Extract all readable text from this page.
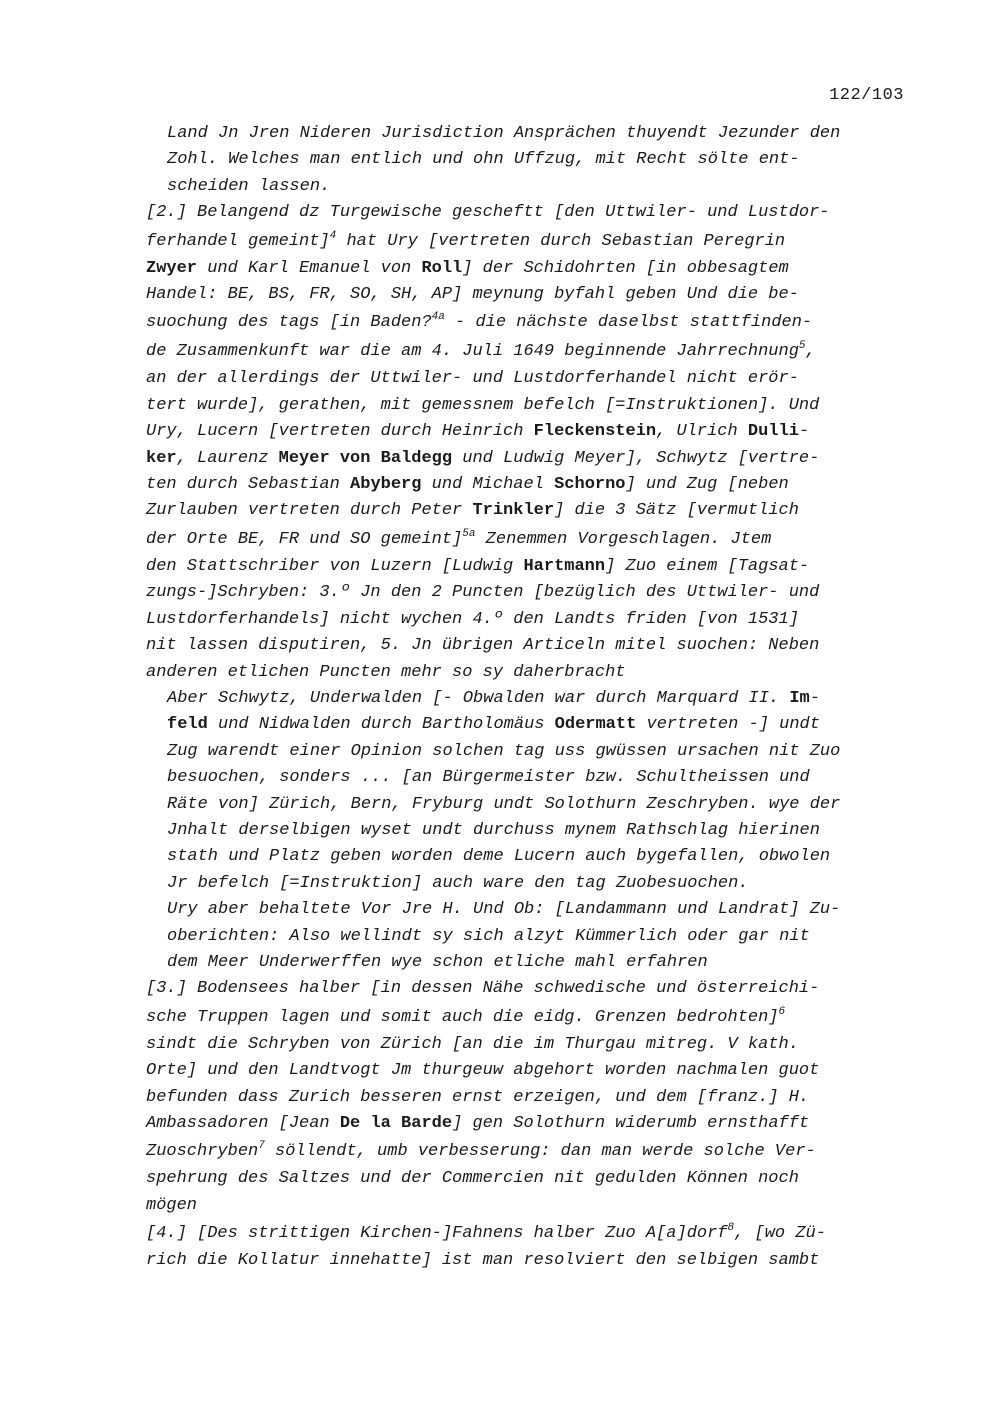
122/103
Land Jn Jren Nideren Jurisdiction Ansprächen thuyendt Jezunder den
Zohl. Welches man entlich und ohn Uffzug, mit Recht sölte ent-
scheiden lassen.
[2.] Belangend dz Turgewische gescheftt [den Uttwiler- und Lustdor-
ferhandel gemeint]$^4$ hat Ury [vertreten durch Sebastian Peregrin
Zwyer und Karl Emanuel von Roll] der Schidohrten [in obbesagtem
Handel: BE, BS, FR, SO, SH, AP] meynung byfahl geben Und die be-
suochung des tags [in Baden?$^{4a}$ - die nächste daselbst stattfinden-
de Zusammenkunft war die am 4. Juli 1649 beginnende Jahrrechnung$^5$,
an der allerdings der Uttwiler- und Lustdorferhandel nicht erör-
tert wurde], gerathen, mit gemessnem befelch [=Instruktionen]. Und
Ury, Lucern [vertreten durch Heinrich Fleckenstein, Ulrich Dulli-
ker, Laurenz Meyer von Baldegg und Ludwig Meyer], Schwytz [vertre-
ten durch Sebastian Abyberg und Michael Schorno] und Zug [neben
Zurlauben vertreten durch Peter Trinkler] die 3 Sätz [vermutlich
der Orte BE, FR und SO gemeint]$^{5a}$ Zenemmen Vorgeschlagen. Jtem
den Stattschriber von Luzern [Ludwig Hartmann] Zuo einem [Tagsat-
zungs-]Schryben: 3.º Jn den 2 Puncten [bezüglich des Uttwiler- und
Lustdorferhandels] nicht wychen 4.º den Landts friden [von 1531]
nit lassen disputiren, 5. Jn übrigen Articeln mitel suochen: Neben
anderen etlichen Puncten mehr so sy daherbracht
Aber Schwytz, Underwalden [- Obwalden war durch Marquard II. Im-
feld und Nidwalden durch Bartholomäus Odermatt vertreten -] undt
Zug warendt einer Opinion solchen tag uss gwüssen ursachen nit Zuo
besuochen, sonders ... [an Bürgermeister bzw. Schultheissen und
Räte von] Zürich, Bern, Fryburg undt Solothurn Zeschryben. wye der
Jnhalt derselbigen wyset undt durchuss mynem Rathschlag hierinen
stath und Platz geben worden deme Lucern auch bygefallen, obwolen
Jr befelch [=Instruktion] auch ware den tag Zuobesuochen.
Ury aber behaltete Vor Jre H. Und Ob: [Landammann und Landrat] Zu-
oberichten: Also wellindt sy sich alzyt Kümmerlich oder gar nit
dem Meer Underwerffen wye schon etliche mahl erfahren
[3.] Bodensees halber [in dessen Nähe schwedische und österreichi-
sche Truppen lagen und somit auch die eidg. Grenzen bedrohten]$^6$
sindt die Schryben von Zürich [an die im Thurgau mitreg. V kath.
Orte] und den Landtvogt Jm thurgeuw abgehort worden nachmalen guot
befunden dass Zurich besseren ernst erzeigen, und dem [franz.] H.
Ambassadoren [Jean De la Barde] gen Solothurn widerumb ernsthafft
Zuoschryben$^7$ söllendt, umb verbesserung: dan man werde solche Ver-
spehrung des Saltzes und der Commercien nit gedulden Können noch
mögen
[4.] [Des strittigen Kirchen-]Fahnens halber Zuo A[a]dorf$^8$, [wo Zü-
rich die Kollatur innehatte] ist man resolviert den selbigen sambt
